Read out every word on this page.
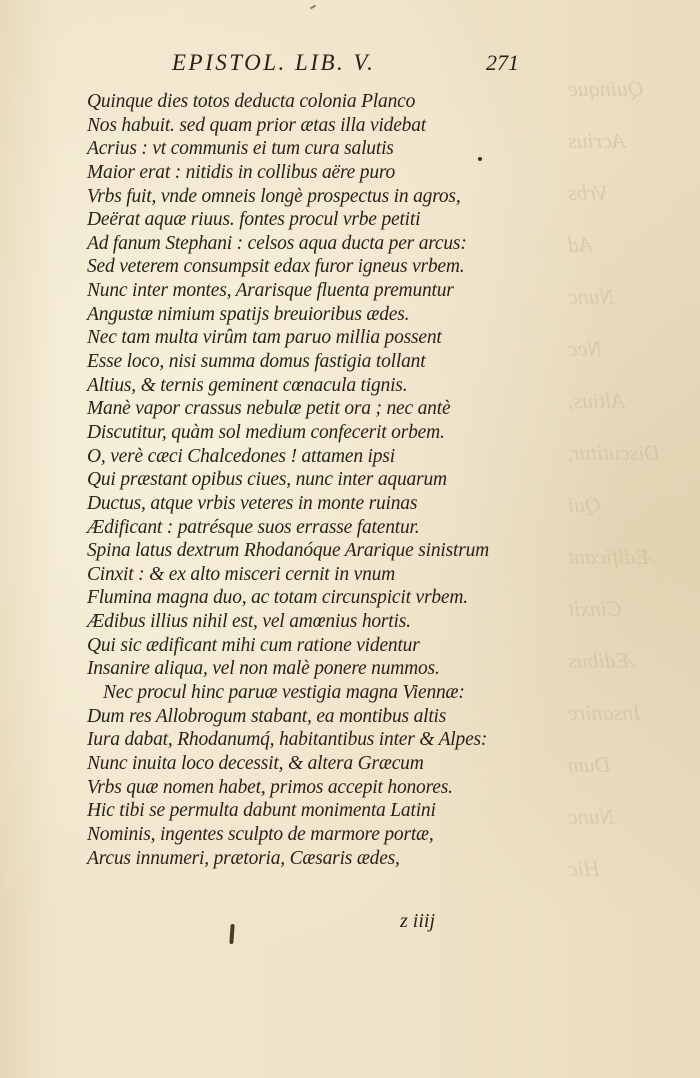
Quinque
Acrius
Vrbs
Ad
Nunc
Nec
Altius,
Discutitur,
Qui
Ædificant
Cinxit
Ædibus
Insanire
Dum
Nunc
Hic
EPISTOL. LIB. V.	271
Quinque dies totos deducta colonia Planco
Nos habuit. sed quam prior ætas illa videbat
Acrius : vt communis ei tum cura salutis
Maior erat : nitidis in collibus aëre puro
Vrbs fuit, vnde omneis longè prospectus in agros,
Deërat aquæ riuus. fontes procul vrbe petiti
Ad fanum Stephani : celsos aqua ducta per arcus:
Sed veterem consumpsit edax furor igneus vrbem.
Nunc inter montes, Ararisque fluenta premuntur
Angustæ nimium spatijs breuioribus ædes.
Nec tam multa virûm tam paruo millia possent
Esse loco, nisi summa domus fastigia tollant
Altius, & ternis geminent cœnacula tignis.
Manè vapor crassus nebulæ petit ora ; nec antè
Discutitur, quàm sol medium confecerit orbem.
O, verè cæci Chalcedones ! attamen ipsi
Qui præstant opibus ciues, nunc inter aquarum
Ductus, atque vrbis veteres in monte ruinas
Ædificant : patrésque suos errasse fatentur.
Spina latus dextrum Rhodanóque Ararique sinistrum
Cinxit : & ex alto misceri cernit in vnum
Flumina magna duo, ac totam circunspicit vrbem.
Ædibus illius nihil est, vel amœnius hortis.
Qui sic ædificant mihi cum ratione videntur
Insanire aliqua, vel non malè ponere nummos.
Nec procul hinc paruæ vestigia magna Viennæ:
Dum res Allobrogum stabant, ea montibus altis
Iura dabat, Rhodanumq́, habitantibus inter & Alpes:
Nunc inuita loco decessit, & altera Græcum
Vrbs quæ nomen habet, primos accepit honores.
Hic tibi se permulta dabunt monimenta Latini
Nominis, ingentes sculpto de marmore portæ,
Arcus innumeri, prætoria, Cæsaris ædes,
z iiij
